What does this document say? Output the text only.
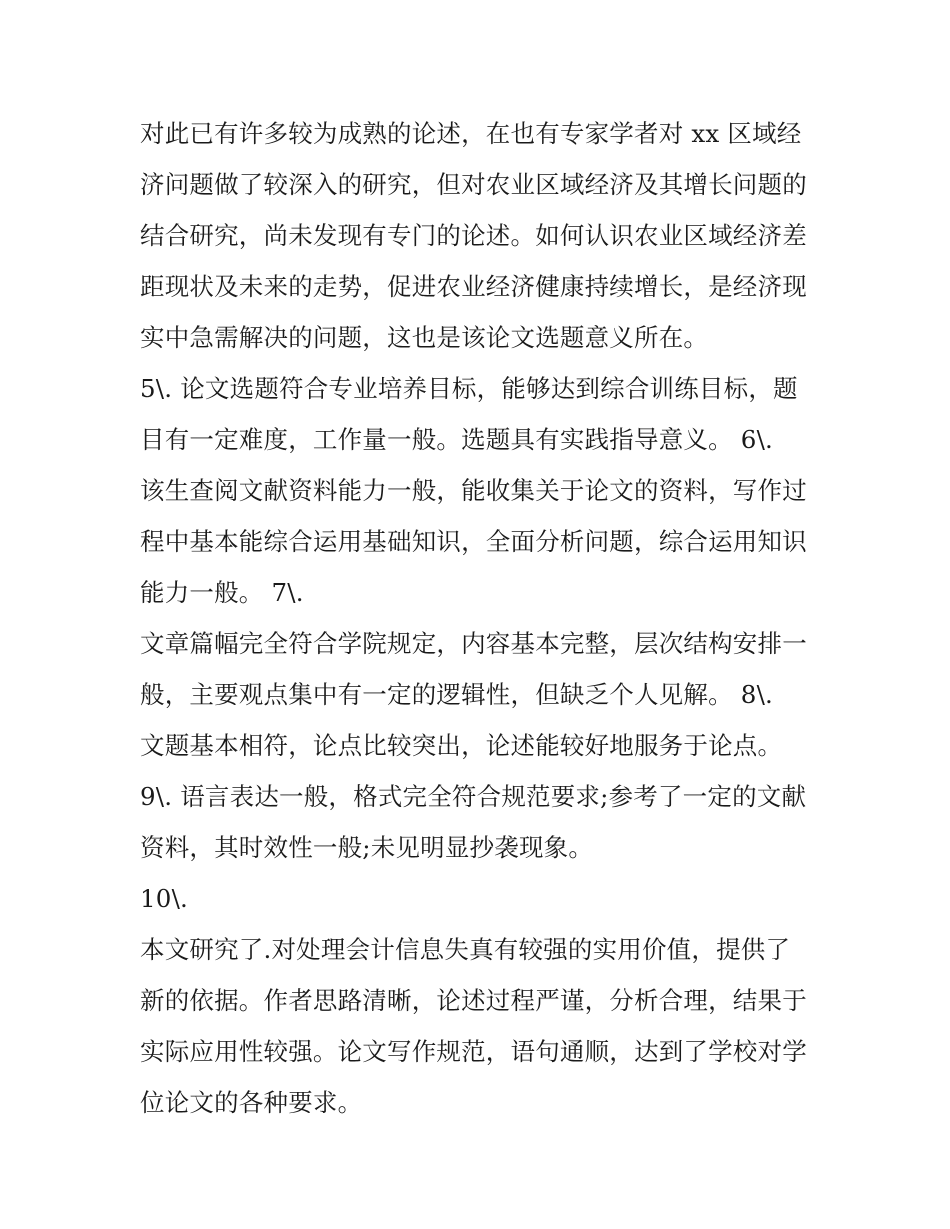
对此已有许多较为成熟的论述，在也有专家学者对 xx 区域经
济问题做了较深入的研究，但对农业区域经济及其增长问题的
结合研究，尚未发现有专门的论述。如何认识农业区域经济差
距现状及未来的走势，促进农业经济健康持续增长，是经济现
实中急需解决的问题，这也是该论文选题意义所在。
5\. 论文选题符合专业培养目标，能够达到综合训练目标，题
目有一定难度，工作量一般。选题具有实践指导意义。 6\.
该生查阅文献资料能力一般，能收集关于论文的资料，写作过
程中基本能综合运用基础知识，全面分析问题，综合运用知识
能力一般。 7\.
文章篇幅完全符合学院规定，内容基本完整，层次结构安排一
般，主要观点集中有一定的逻辑性，但缺乏个人见解。 8\.
文题基本相符，论点比较突出，论述能较好地服务于论点。
9\. 语言表达一般，格式完全符合规范要求;参考了一定的文献
资料，其时效性一般;未见明显抄袭现象。
10\.
本文研究了.对处理会计信息失真有较强的实用价值，提供了
新的依据。作者思路清晰，论述过程严谨，分析合理，结果于
实际应用性较强。论文写作规范，语句通顺，达到了学校对学
位论文的各种要求。
